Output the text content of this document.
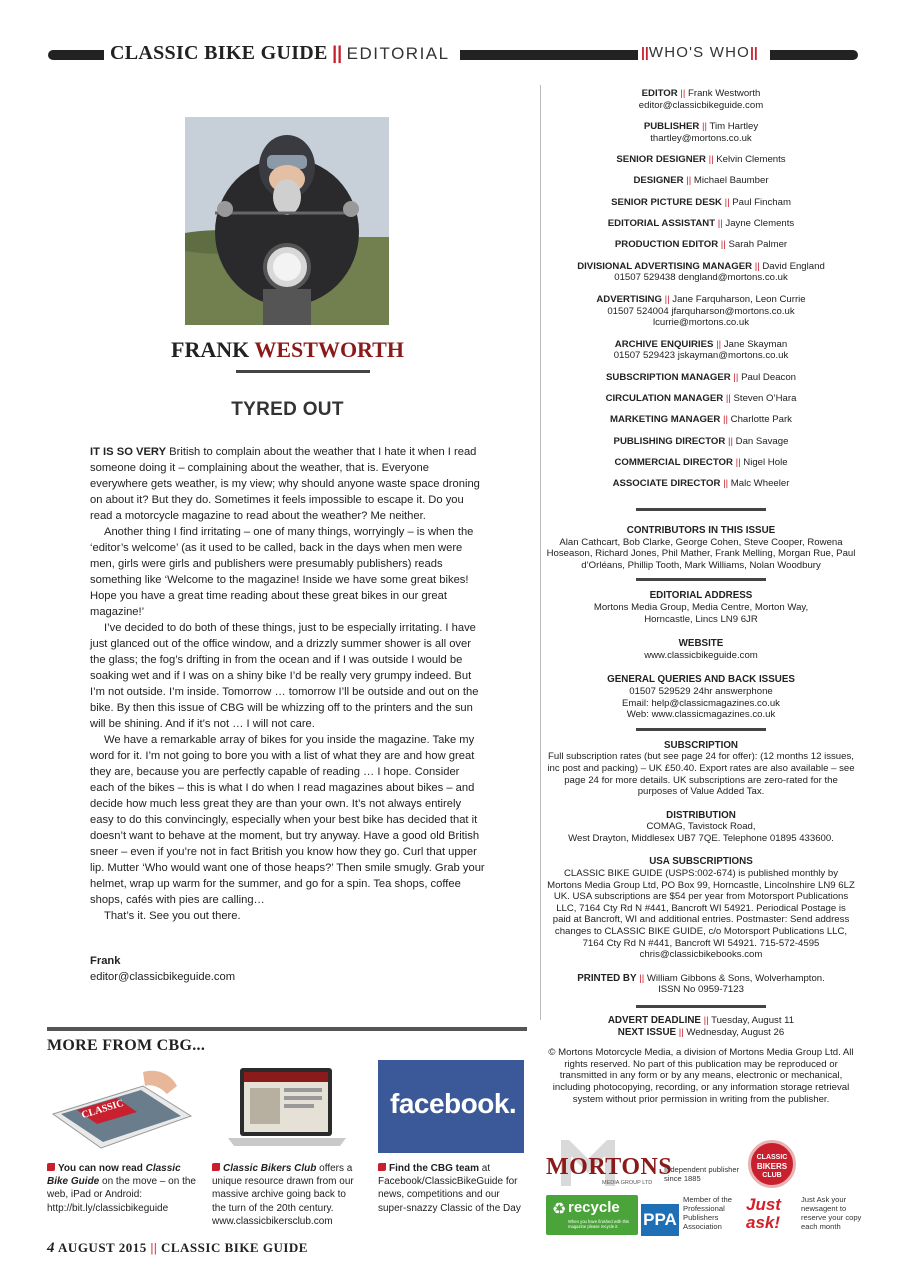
CLASSIC BIKE GUIDE || EDITORIAL	||WHO'S WHO||
FRANK WESTWORTH
TYRED OUT

IT IS SO VERY British to complain about the weather that I hate it when I read someone doing it – complaining about the weather, that is. Everyone everywhere gets weather, is my view; why should anyone waste space droning on about it? But they do. Sometimes it feels impossible to escape it. Do you read a motorcycle magazine to read about the weather? Me neither.

Another thing I find irritating – one of many things, worryingly – is when the ‘editor’s welcome’ (as it used to be called, back in the days when men were men, girls were girls and publishers were presumably publishers) reads something like ‘Welcome to the magazine! Inside we have some great bikes! Hope you have a great time reading about these great bikes in our great magazine!’

I’ve decided to do both of these things, just to be especially irritating. I have just glanced out of the office window, and a drizzly summer shower is all over the glass; the fog’s drifting in from the ocean and if I was outside I would be soaking wet and if I was on a shiny bike I’d be really very grumpy indeed. But I’m not outside. I’m inside. Tomorrow … tomorrow I’ll be outside and out on the bike. By then this issue of CBG will be whizzing off to the printers and the sun will be shining. And if it’s not … I will not care.

We have a remarkable array of bikes for you inside the magazine. Take my word for it. I’m not going to bore you with a list of what they are and how great they are, because you are perfectly capable of reading … I hope. Consider each of the bikes – this is what I do when I read magazines about bikes – and decide how much less great they are than your own. It’s not always entirely easy to do this convincingly, especially when your best bike has decided that it doesn’t want to behave at the moment, but try anyway. Have a good old British sneer – even if you’re not in fact British you know how they go. Curl that upper lip. Mutter ‘Who would want one of those heaps?’ Then smile smugly. Grab your helmet, wrap up warm for the summer, and go for a spin. Tea shops, coffee shops, cafés with pies are calling…

That’s it. See you out there.

Frank
editor@classicbikeguide.com
EDITOR || Frank Westworth
editor@classicbikeguide.com
PUBLISHER || Tim Hartley
thartley@mortons.co.uk
SENIOR DESIGNER || Kelvin Clements
DESIGNER || Michael Baumber
SENIOR PICTURE DESK || Paul Fincham
EDITORIAL ASSISTANT || Jayne Clements
PRODUCTION EDITOR || Sarah Palmer
DIVISIONAL ADVERTISING MANAGER || David England
01507 529438 dengland@mortons.co.uk
ADVERTISING || Jane Farquharson, Leon Currie
01507 524004 jfarquharson@mortons.co.uk
lcurrie@mortons.co.uk
ARCHIVE ENQUIRIES || Jane Skayman
01507 529423 jskayman@mortons.co.uk
SUBSCRIPTION MANAGER || Paul Deacon
CIRCULATION MANAGER || Steven O’Hara
MARKETING MANAGER || Charlotte Park
PUBLISHING DIRECTOR || Dan Savage
COMMERCIAL DIRECTOR || Nigel Hole
ASSOCIATE DIRECTOR || Malc Wheeler
CONTRIBUTORS IN THIS ISSUE
Alan Cathcart, Bob Clarke, George Cohen, Steve Cooper, Rowena Hoseason, Richard Jones, Phil Mather, Frank Melling, Morgan Rue, Paul d’Orléans, Phillip Tooth, Mark Williams, Nolan Woodbury
EDITORIAL ADDRESS
Mortons Media Group, Media Centre, Morton Way,
Horncastle, Lincs LN9 6JR
WEBSITE
www.classicbikeguide.com
GENERAL QUERIES AND BACK ISSUES
01507 529529 24hr answerphone
Email: help@classicmagazines.co.uk
Web: www.classicmagazines.co.uk
SUBSCRIPTION
Full subscription rates (but see page 24 for offer): (12 months 12 issues, inc post and packing) – UK £50.40. Export rates are also available – see page 24 for more details. UK subscriptions are zero-rated for the purposes of Value Added Tax.
DISTRIBUTION
COMAG, Tavistock Road,
West Drayton, Middlesex UB7 7QE. Telephone 01895 433600.
USA SUBSCRIPTIONS
CLASSIC BIKE GUIDE (USPS:002-674) is published monthly by Mortons Media Group Ltd, PO Box 99, Horncastle, Lincolnshire LN9 6LZ UK. USA subscriptions are $54 per year from Motorsport Publications LLC, 7164 Cty Rd N #441, Bancroft WI 54921. Periodical Postage is paid at Bancroft, WI and additional entries. Postmaster: Send address changes to CLASSIC BIKE GUIDE, c/o Motorsport Publications LLC, 7164 Cty Rd N #441, Bancroft WI 54921. 715-572-4595 chris@classicbikebooks.com
PRINTED BY || William Gibbons & Sons, Wolverhampton.
ISSN No 0959-7123
ADVERT DEADLINE || Tuesday, August 11
NEXT ISSUE || Wednesday, August 26
© Mortons Motorcycle Media, a division of Mortons Media Group Ltd. All rights reserved. No part of this publication may be reproduced or transmitted in any form or by any means, electronic or mechanical, including photocopying, recording, or any information storage retrieval system without prior permission in writing from the publisher.
MORTONS
MEDIA GROUP LTD
Independent publisher
since 1885
CLASSIC
BIKERS
CLUB
♻ recycle
When you have finished with this magazine please recycle it.	PPA
Member of the Professional Publishers Association
Just ask!
Just Ask your newsagent to reserve your copy each month
MORE FROM CBG...
CLASSIC	facebook.
You can now read Classic Bike Guide on the move – on the web, iPad or Android: http://bit.ly/classicbikeguide
Classic Bikers Club offers a unique resource drawn from our massive archive going back to the turn of the 20th century. www.classicbikersclub.com
Find the CBG team at Facebook/ClassicBikeGuide for news, competitions and our super-snazzy Classic of the Day
4 AUGUST 2015 || CLASSIC BIKE GUIDE
